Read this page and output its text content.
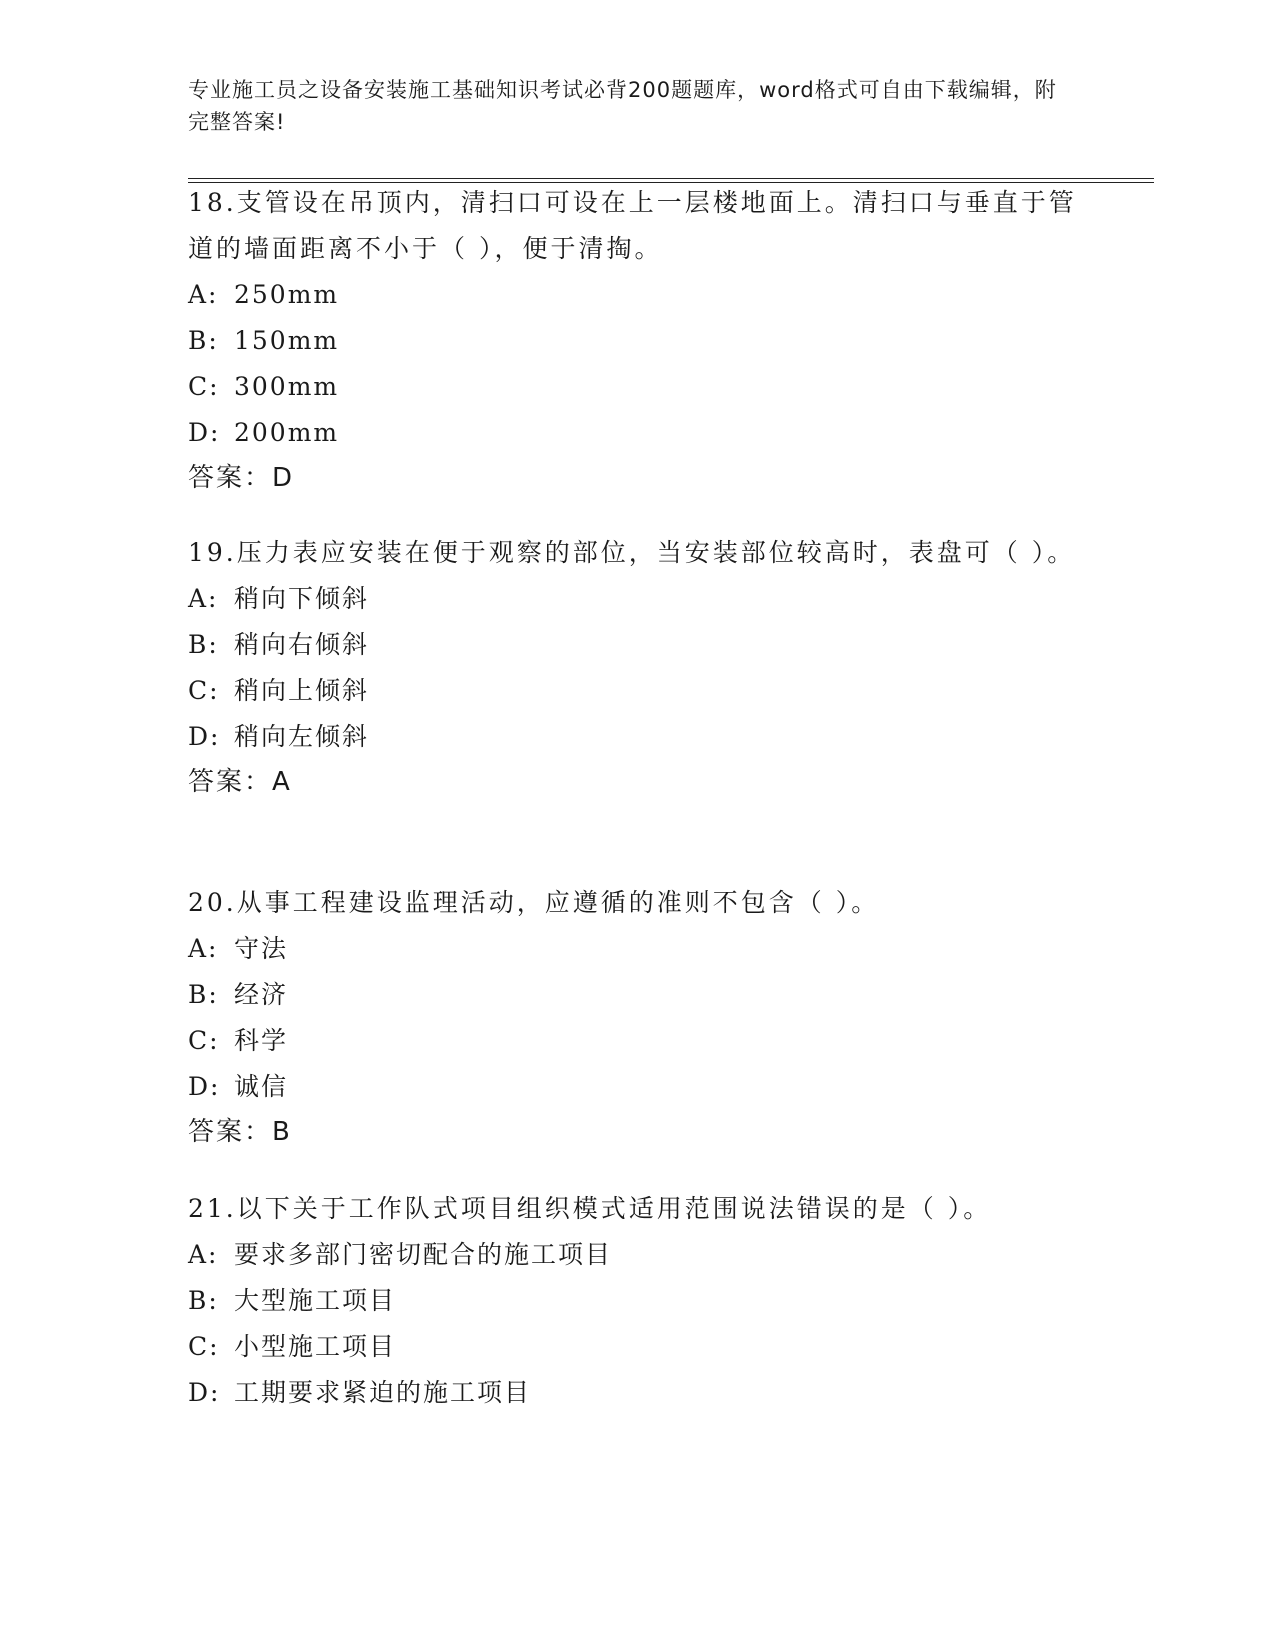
专业施工员之设备安装施工基础知识考试必背200题题库，word格式可自由下载编辑，附完整答案!

18.支管设在吊顶内，清扫口可设在上一层楼地面上。清扫口与垂直于管道的墙面距离不小于（ ），便于清掏。

A: 250mm

B: 150mm

C: 300mm

D: 200mm

答案：D

19.压力表应安装在便于观察的部位，当安装部位较高时，表盘可（ ）。

A: 稍向下倾斜

B: 稍向右倾斜

C: 稍向上倾斜

D: 稍向左倾斜

答案：A

20.从事工程建设监理活动，应遵循的准则不包含（ ）。

A: 守法

B: 经济

C: 科学

D: 诚信

答案：B

21.以下关于工作队式项目组织模式适用范围说法错误的是（ ）。

A: 要求多部门密切配合的施工项目

B: 大型施工项目

C: 小型施工项目

D: 工期要求紧迫的施工项目
